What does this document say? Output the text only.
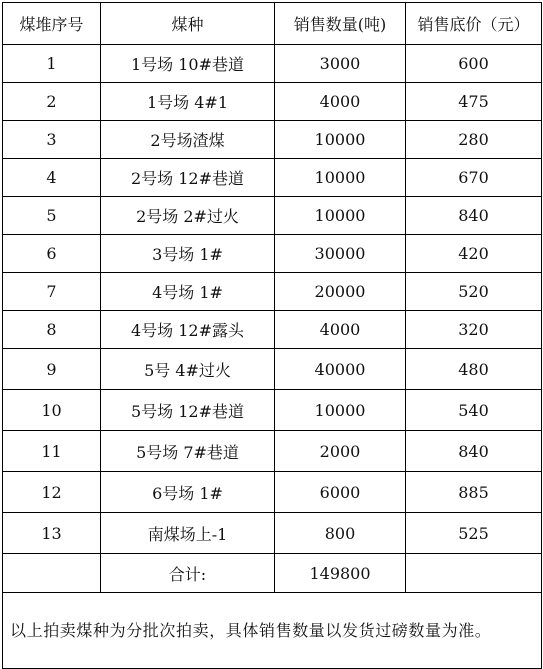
煤堆序号	煤种	销售数量(吨)	销售底价（元）
1	1号场 10#巷道	3000	600
2	1号场 4#1	4000	475
3	2号场渣煤	10000	280
4	2号场 12#巷道	10000	670
5	2号场 2#过火	10000	840
6	3号场 1#	30000	420
7	4号场 1#	20000	520
8	4号场 12#露头	4000	320
9	5号 4#过火	40000	480
10	5号场 12#巷道	10000	540
11	5号场 7#巷道	2000	840
12	6号场 1#	6000	885
13	南煤场上-1	800	525
	合计:	149800	
以上拍卖煤种为分批次拍卖，具体销售数量以发货过磅数量为准。			
